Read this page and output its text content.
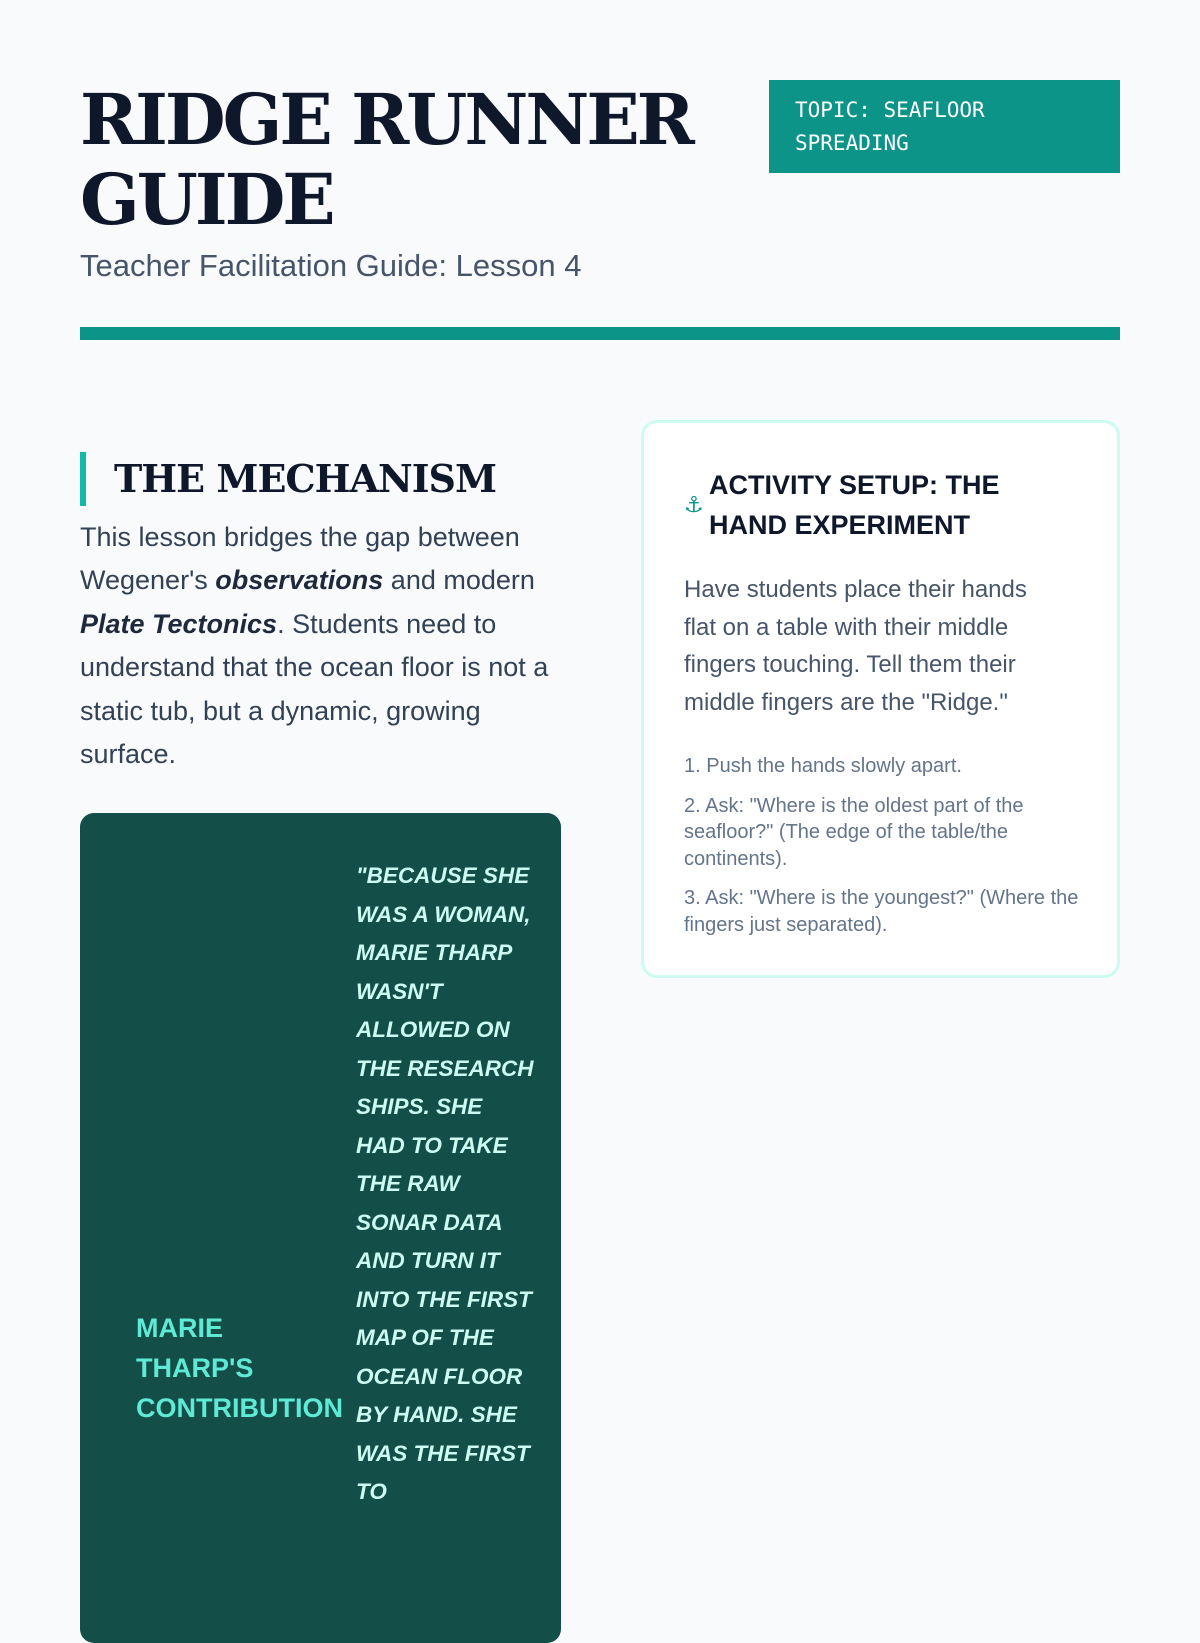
RIDGE RUNNER GUIDE
Teacher Facilitation Guide: Lesson 4
TOPIC: SEAFLOOR SPREADING
THE MECHANISM

This lesson bridges the gap between Wegener's observations and modern Plate Tectonics. Students need to understand that the ocean floor is not a static tub, but a dynamic, growing surface.

MARIE THARP'S CONTRIBUTION

"BECAUSE SHE WAS A WOMAN, MARIE THARP WASN'T ALLOWED ON THE RESEARCH SHIPS. SHE HAD TO TAKE THE RAW SONAR DATA AND TURN IT INTO THE FIRST MAP OF THE OCEAN FLOOR BY HAND. SHE WAS THE FIRST TO

⚓
ACTIVITY SETUP: THE HAND EXPERIMENT

Have students place their hands flat on a table with their middle fingers touching. Tell them their middle fingers are the "Ridge."

1. Push the hands slowly apart.
2. Ask: "Where is the oldest part of the seafloor?" (The edge of the table/the continents).
3. Ask: "Where is the youngest?" (Where the fingers just separated).
